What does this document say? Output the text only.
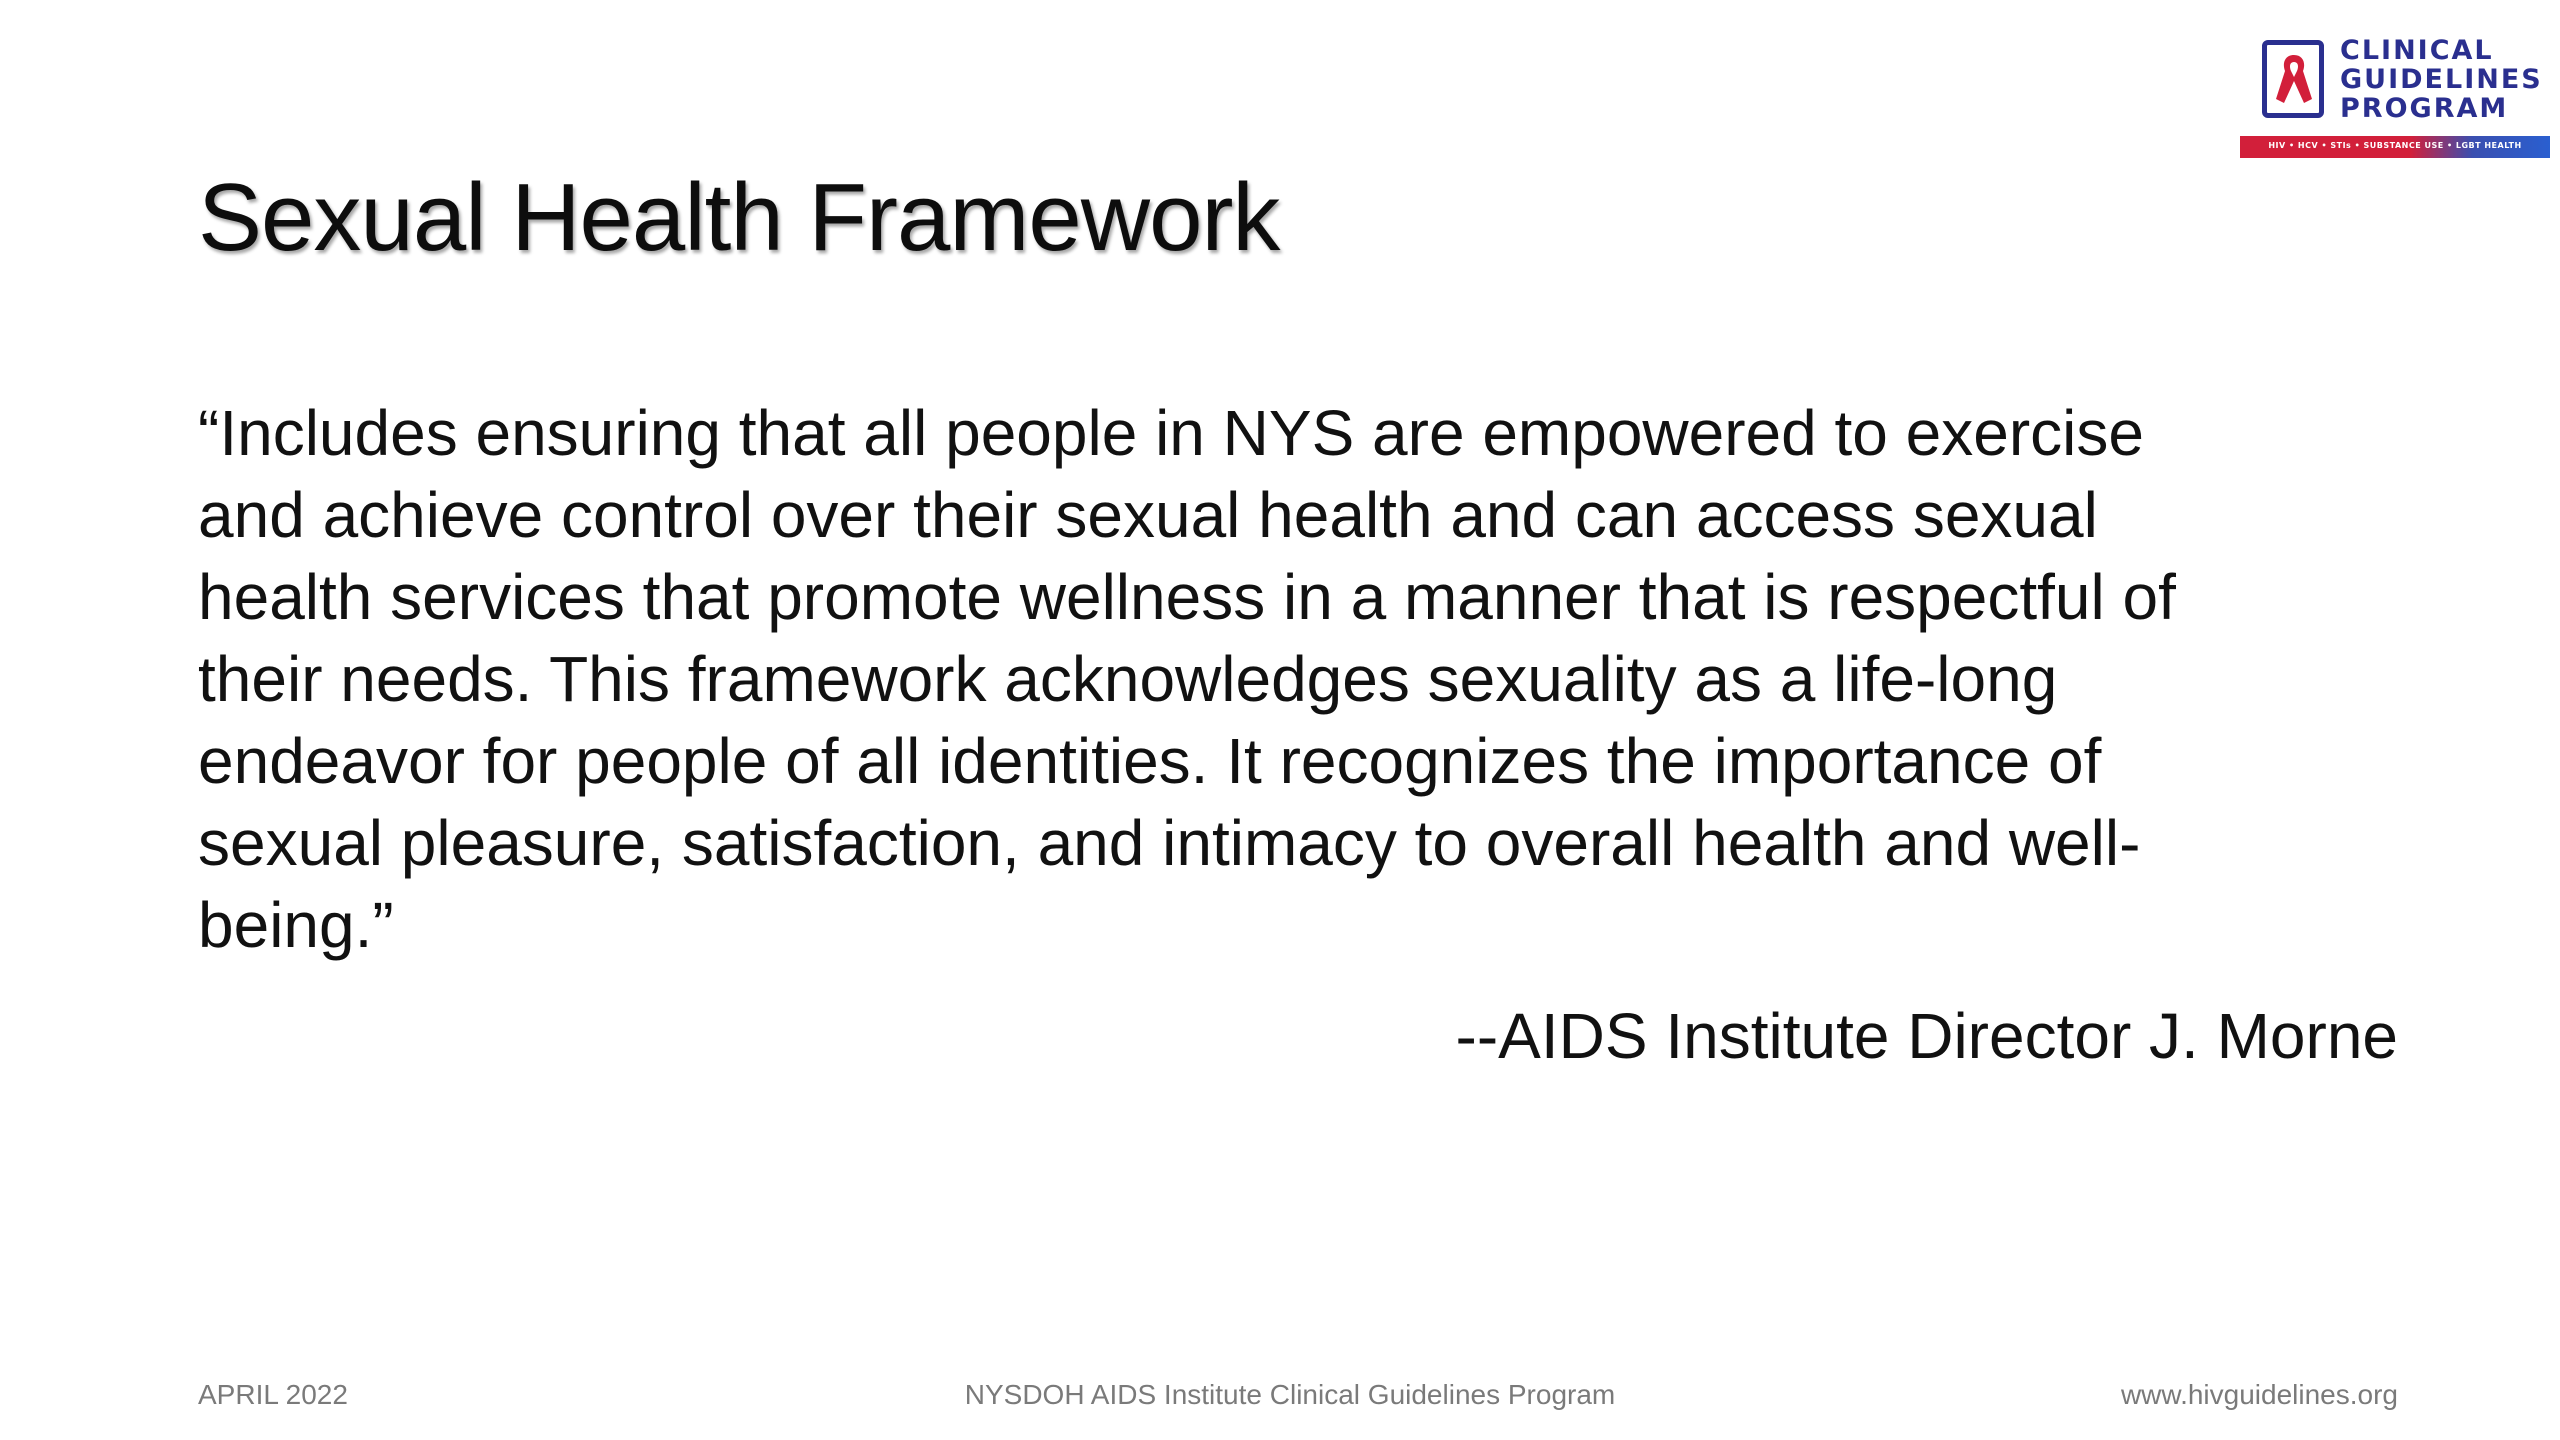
CLINICAL
GUIDELINES
PROGRAM
HIV • HCV • STIs • SUBSTANCE USE • LGBT HEALTH
Sexual Health Framework
“Includes ensuring that all people in NYS are empowered to exercise
and achieve control over their sexual health and can access sexual
health services that promote wellness in a manner that is respectful of
their needs. This framework acknowledges sexuality as a life-long
endeavor for people of all identities. It recognizes the importance of
sexual pleasure, satisfaction, and intimacy to overall health and well-
being.”
--AIDS Institute Director J. Morne
APRIL 2022	NYSDOH AIDS Institute Clinical Guidelines Program	www.hivguidelines.org
